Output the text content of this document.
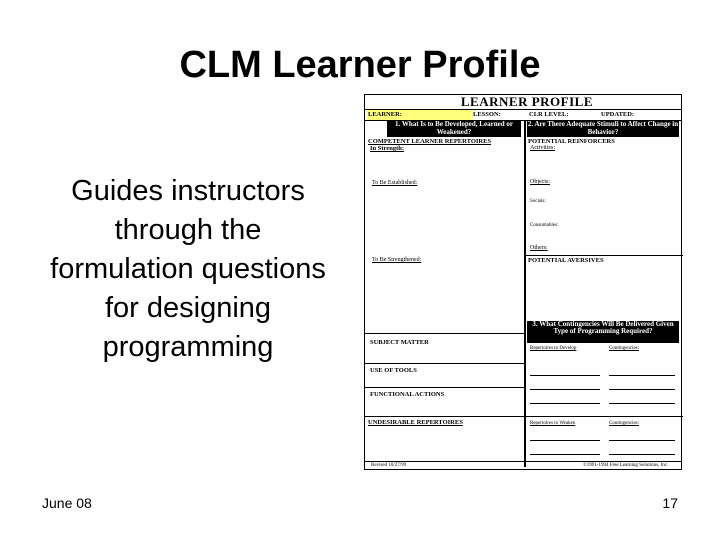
CLM Learner Profile
Guides instructors through the formulation questions for designing programming
LEARNER PROFILE
LEARNER:	LESSON:	CLR LEVEL:	UPDATED:
1. What Is to Be Developed, Learned or Weakened?
2. Are There Adequate Stimuli to Affect Change in Behavior?
COMPETENT LEARNER REPERTOIRES
In Strength:
To Be Established:
To Be Strengthened:
SUBJECT MATTER
USE OF TOOLS
FUNCTIONAL ACTIONS
UNDESIRABLE REPERTOIRES
POTENTIAL REINFORCERS
Activities:
Objects:
Socials:
Consumables:
Others:
POTENTIAL AVERSIVES
3. What Contingencies Will Be Delivered Given Type of Programming Required?
Repertoires to Develop	Contingencies:
Repertoires to Weaken	Contingencies:
Revised 10/27/99	©1991-1994 Free Learning Solutions, Inc.
June 08	17
